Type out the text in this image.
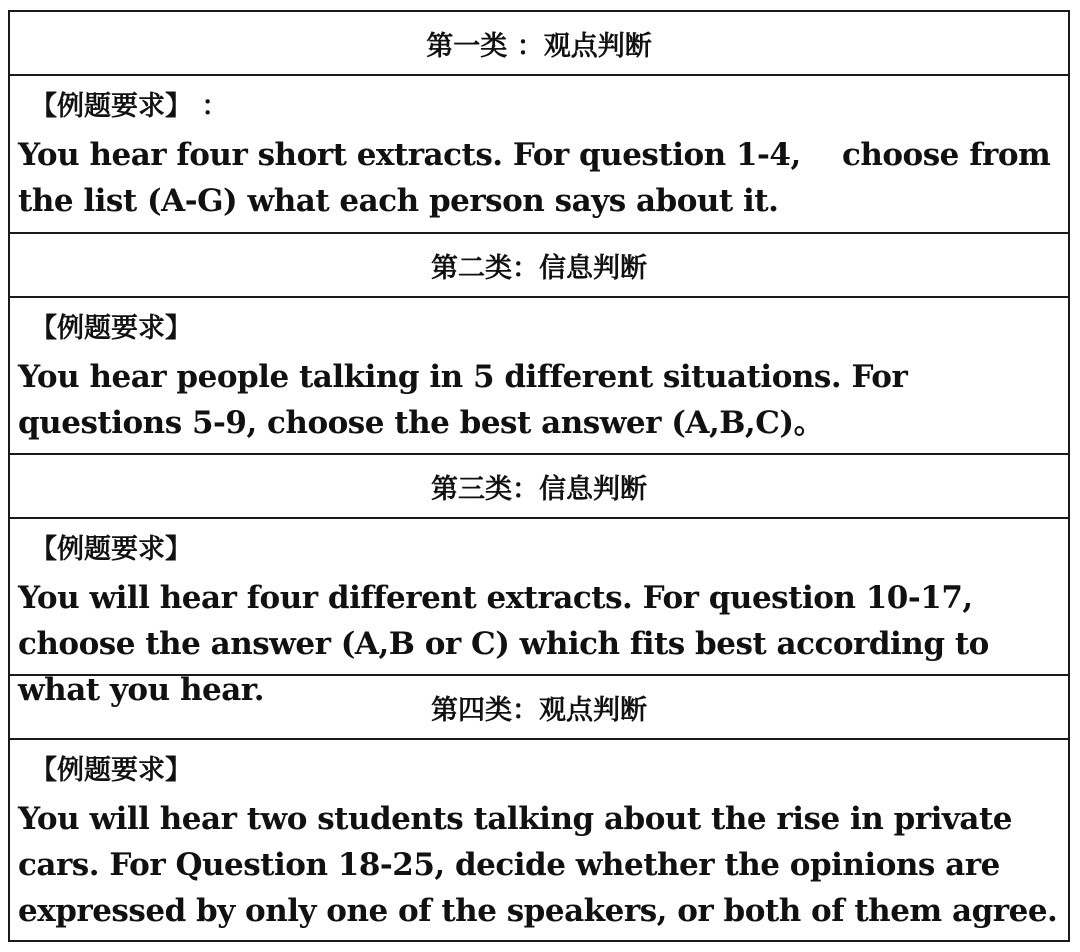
第一类 ：观点判断
【例题要求】 ：
You hear four short extracts. For question 1-4,    choose from the list (A-G) what each person says about it.
第二类：信息判断
【例题要求】
You hear people talking in 5 different situations. For questions 5-9, choose the best answer (A,B,C)。
第三类：信息判断
【例题要求】
You will hear four different extracts. For question 10-17, choose the answer (A,B or C) which fits best according to what you hear.
第四类：观点判断
【例题要求】
You will hear two students talking about the rise in private cars. For Question 18-25, decide whether the opinions are expressed by only one of the speakers, or both of them agree.
